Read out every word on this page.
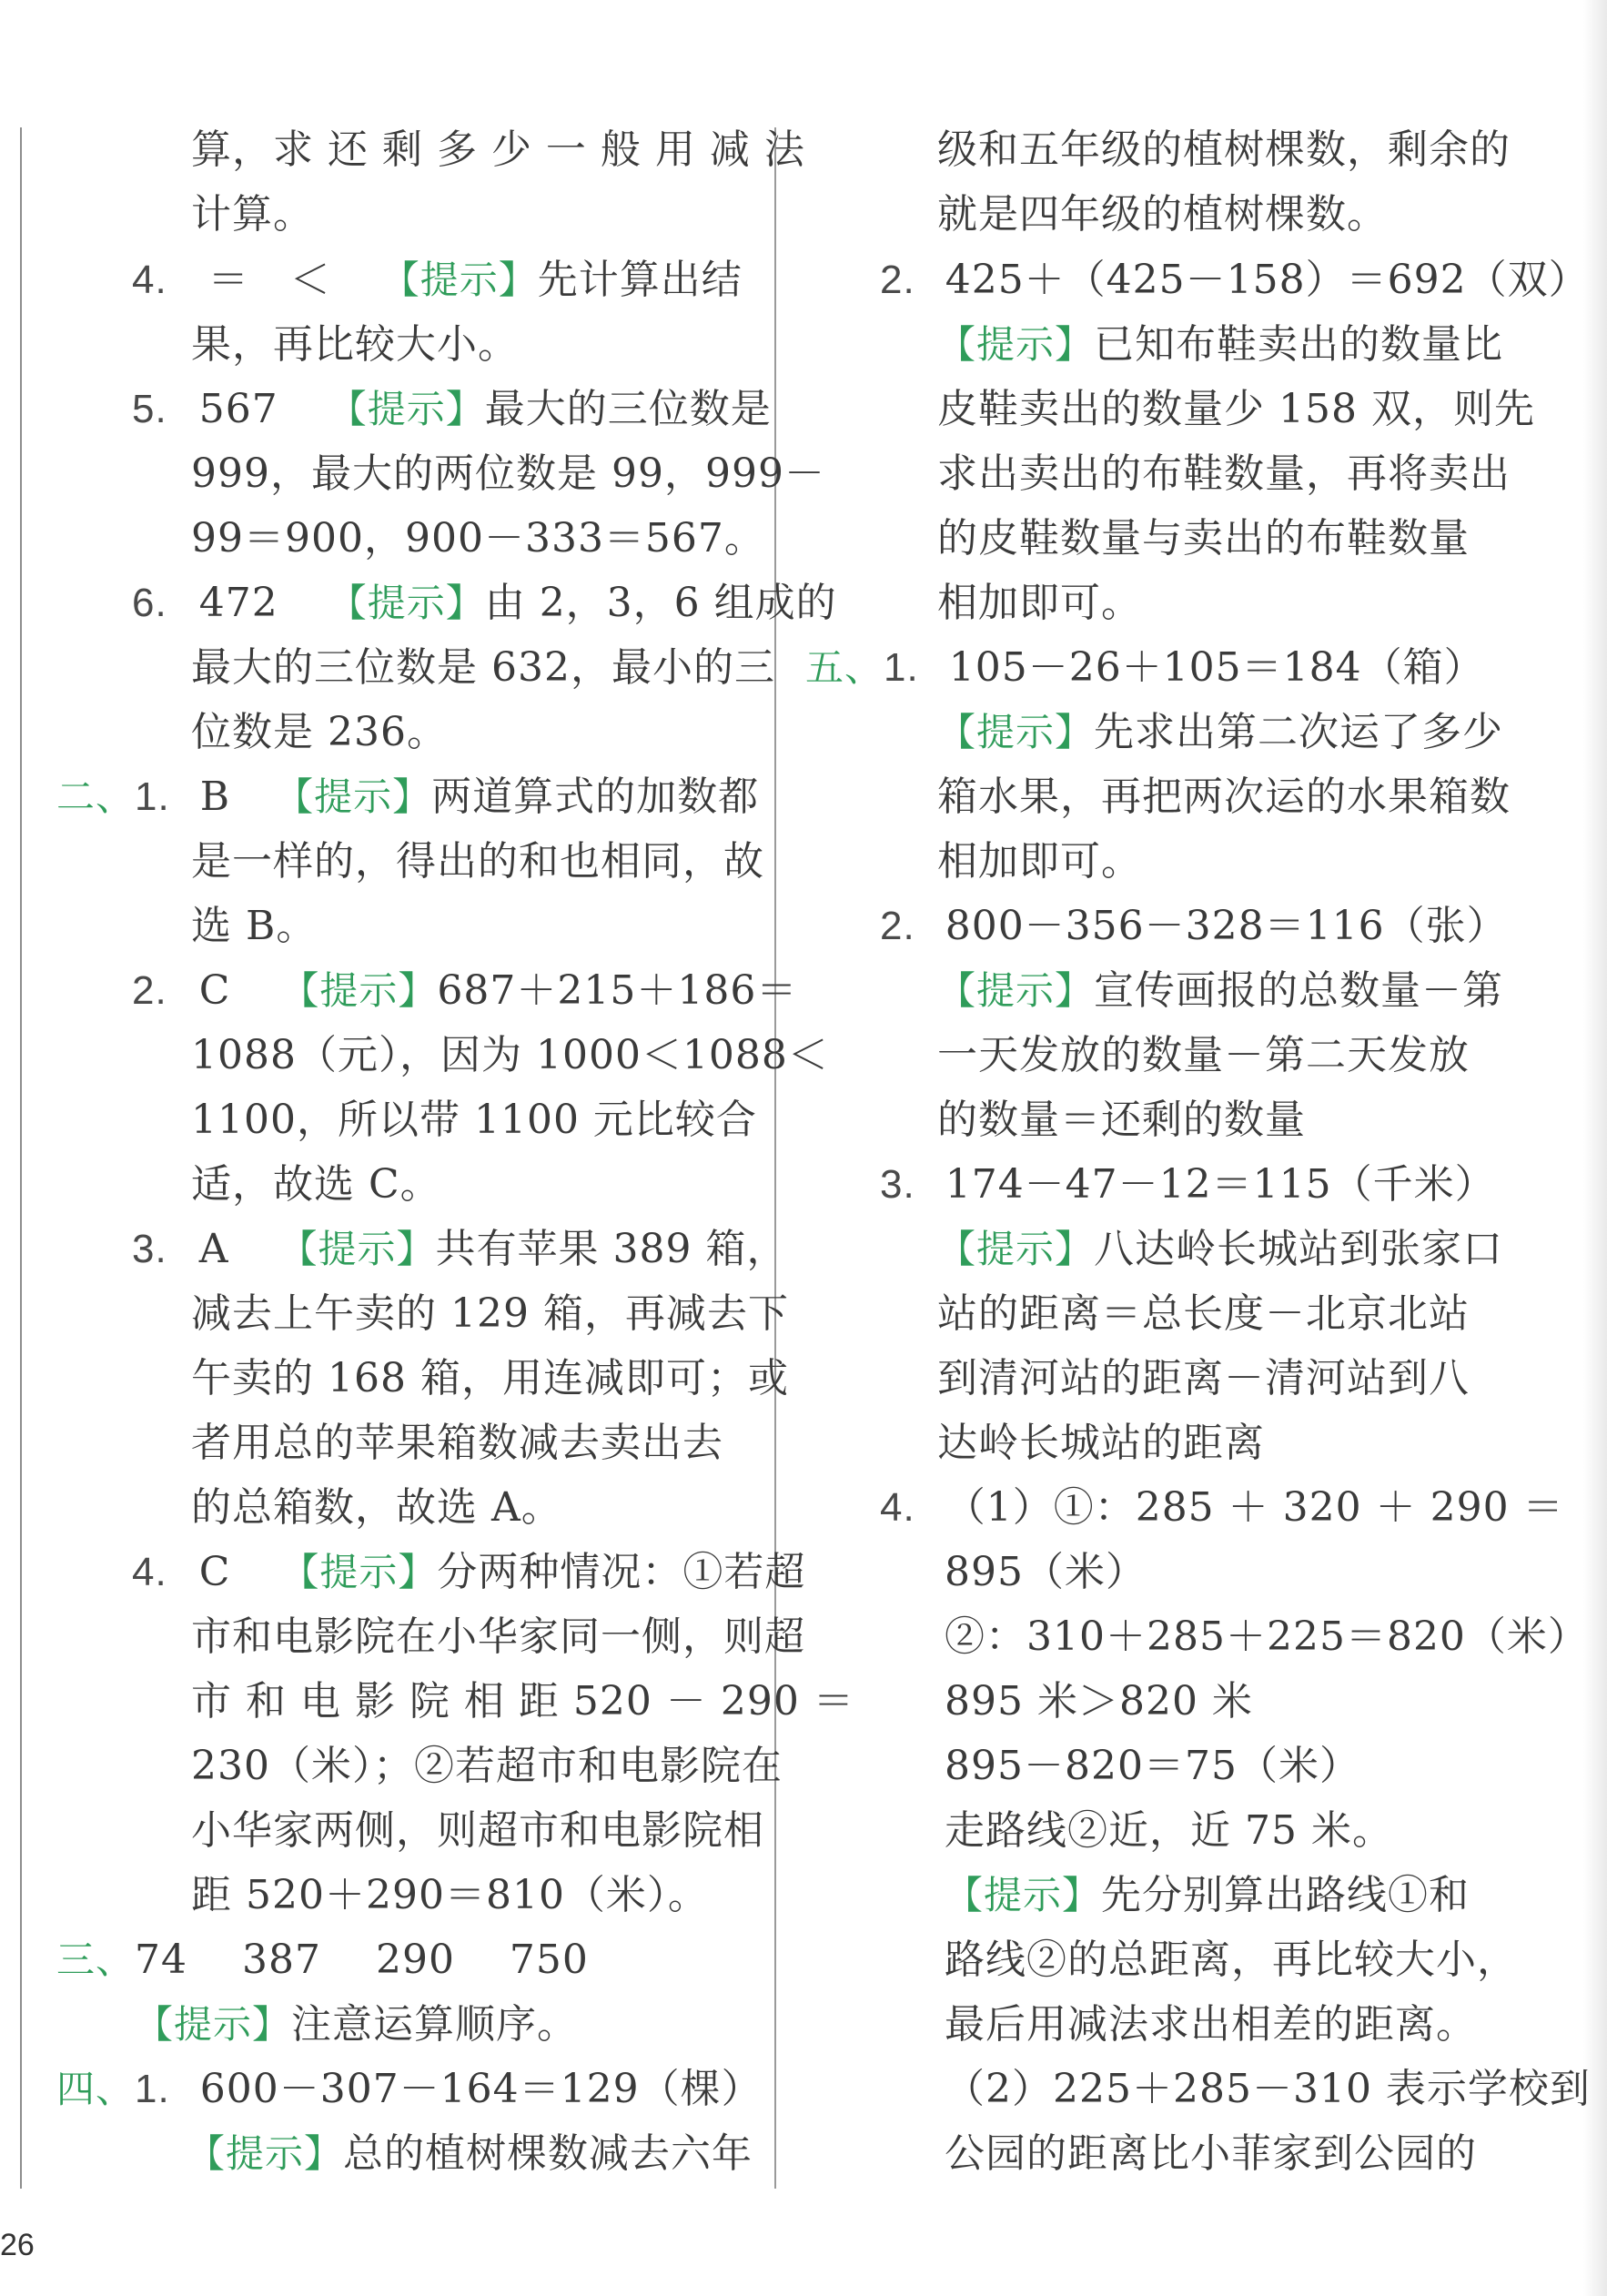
算，求 还 剩 多 少 一 般 用 减 法
计算。
4. ＝　＜ 【提示】先计算出结
果，再比较大小。
5. 567 【提示】最大的三位数是
999，最大的两位数是 99，999－
99＝900，900－333＝567。
6. 472 【提示】由 2，3，6 组成的
最大的三位数是 632，最小的三
位数是 236。
二、1. B 【提示】两道算式的加数都
是一样的，得出的和也相同，故
选 B。
2. C 【提示】687＋215＋186＝
1088（元），因为 1000＜1088＜
1100，所以带 1100 元比较合
适，故选 C。
3. A 【提示】共有苹果 389 箱，
减去上午卖的 129 箱，再减去下
午卖的 168 箱，用连减即可；或
者用总的苹果箱数减去卖出去
的总箱数，故选 A。
4. C 【提示】分两种情况：①若超
市和电影院在小华家同一侧，则超
市 和 电 影 院 相 距 520 － 290 ＝
230（米）；②若超市和电影院在
小华家两侧，则超市和电影院相
距 520＋290＝810（米）。
三、74　 387　 290　 750
【提示】注意运算顺序。
四、1. 600－307－164＝129（棵）
【提示】总的植树棵数减去六年
级和五年级的植树棵数，剩余的
就是四年级的植树棵数。
2. 425＋（425－158）＝692（双）
【提示】已知布鞋卖出的数量比
皮鞋卖出的数量少 158 双，则先
求出卖出的布鞋数量，再将卖出
的皮鞋数量与卖出的布鞋数量
相加即可。
五、1. 105－26＋105＝184（箱）
【提示】先求出第二次运了多少
箱水果，再把两次运的水果箱数
相加即可。
2. 800－356－328＝116（张）
【提示】宣传画报的总数量－第
一天发放的数量－第二天发放
的数量＝还剩的数量
3. 174－47－12＝115（千米）
【提示】八达岭长城站到张家口
站的距离＝总长度－北京北站
到清河站的距离－清河站到八
达岭长城站的距离
4. （1）①：285 ＋ 320 ＋ 290 ＝
895（米）
②：310＋285＋225＝820（米）
895 米＞820 米
895－820＝75（米）
走路线②近，近 75 米。
【提示】先分别算出路线①和
路线②的总距离，再比较大小，
最后用减法求出相差的距离。
（2）225＋285－310 表示学校到
公园的距离比小菲家到公园的
26
